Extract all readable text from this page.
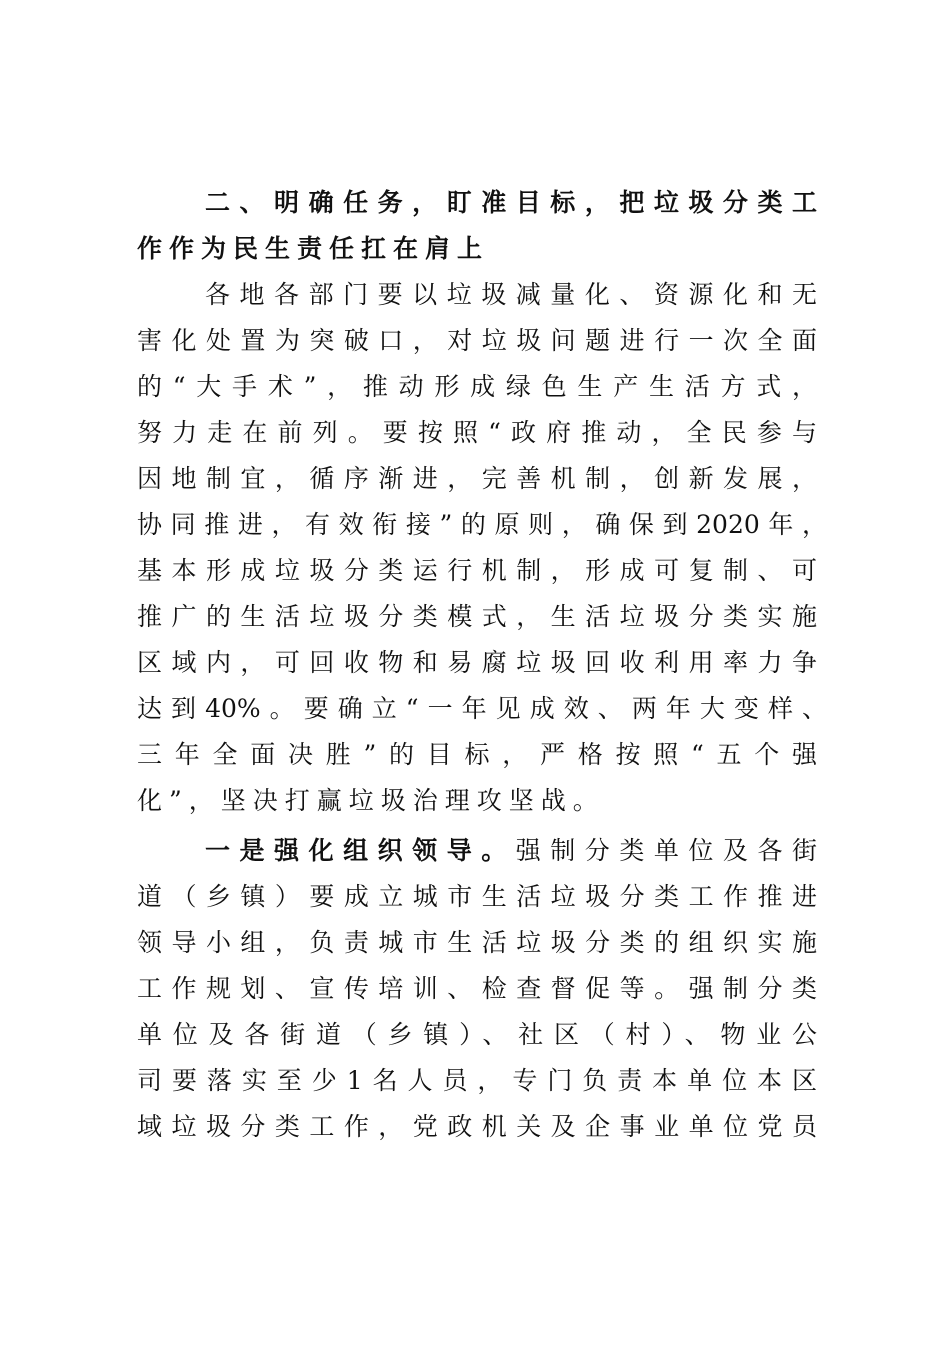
二、明确任务，盯准目标，把垃圾分类工
作作为民生责任扛在肩上
各地各部门要以垃圾减量化、资源化和无
害化处置为突破口，对垃圾问题进行一次全面
的“大手术”，推动形成绿色生产生活方式，
努力走在前列。要按照“政府推动，全民参与
因地制宜，循序渐进，完善机制，创新发展，
协同推进，有效衔接”的原则，确保到2020年，
基本形成垃圾分类运行机制，形成可复制、可
推广的生活垃圾分类模式，生活垃圾分类实施
区域内，可回收物和易腐垃圾回收利用率力争
达到40%。要确立“一年见成效、两年大变样、
三年全面决胜”的目标，严格按照“五个强
化”，坚决打赢垃圾治理攻坚战。
一是强化组织领导。强制分类单位及各街
道（乡镇）要成立城市生活垃圾分类工作推进
领导小组，负责城市生活垃圾分类的组织实施
工作规划、宣传培训、检查督促等。强制分类
单位及各街道（乡镇）、社区（村）、物业公
司要落实至少1名人员，专门负责本单位本区
域垃圾分类工作，党政机关及企事业单位党员
